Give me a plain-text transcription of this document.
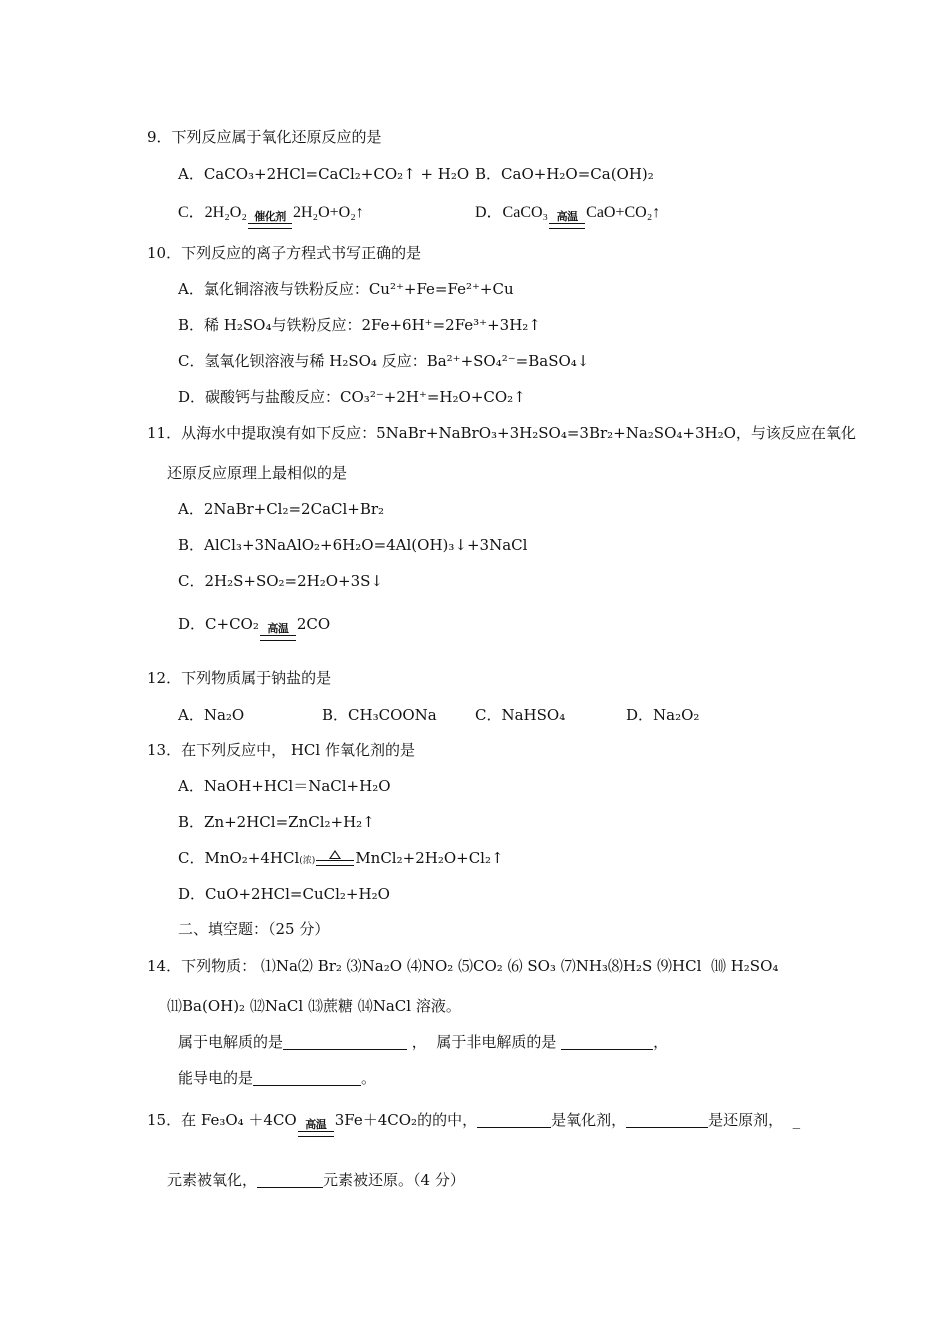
9．下列反应属于氧化还原反应的是
A．CaCO₃+2HCl=CaCl₂+CO₂↑ + H₂O B．CaO+H₂O=Ca(OH)₂
C．2H₂O₂ 催化剂 2H₂O+O₂↑	D．CaCO₃ 高温 CaO+CO₂↑
10．下列反应的离子方程式书写正确的是
A．氯化铜溶液与铁粉反应：Cu²⁺+Fe=Fe²⁺+Cu
B．稀 H₂SO₄与铁粉反应：2Fe+6H⁺=2Fe³⁺+3H₂↑
C．氢氧化钡溶液与稀 H₂SO₄ 反应：Ba²⁺+SO₄²⁻=BaSO₄↓
D．碳酸钙与盐酸反应：CO₃²⁻+2H⁺=H₂O+CO₂↑
11．从海水中提取溴有如下反应：5NaBr+NaBrO₃+3H₂SO₄=3Br₂+Na₂SO₄+3H₂O，与该反应在氧化
还原反应原理上最相似的是
A．2NaBr+Cl₂=2CaCl+Br₂
B．AlCl₃+3NaAlO₂+6H₂O=4Al(OH)₃↓+3NaCl
C．2H₂S+SO₂=2H₂O+3S↓
D．C+CO₂ 高温 2CO
12．下列物质属于钠盐的是
A．Na₂O	B．CH₃COONa	C．NaHSO₄	D．Na₂O₂
13．在下列反应中， HCl 作氧化剂的是
A．NaOH+HCl＝NaCl+H₂O
B．Zn+2HCl=ZnCl₂+H₂↑
C．MnO₂+4HCl(浓)	MnCl₂+2H₂O+Cl₂↑
D．CuO+2HCl=CuCl₂+H₂O
二、填空题：（25 分）
14．下列物质： ⑴Na⑵ Br₂ ⑶Na₂O ⑷NO₂ ⑸CO₂ ⑹ SO₃ ⑺NH₃⑻H₂S ⑼HCl  ⑽ H₂SO₄
⑾Ba(OH)₂ ⑿NaCl ⒀蔗糖 ⒁NaCl 溶液。
属于电解质的是	，  属于非电解质的是	，
能导电的是	。
15．在 Fe₃O₄ ＋4CO 高温 3Fe＋4CO₂的的中，	是氧化剂，	是还原剂，  _
元素被氧化，	元素被还原。（4 分）
